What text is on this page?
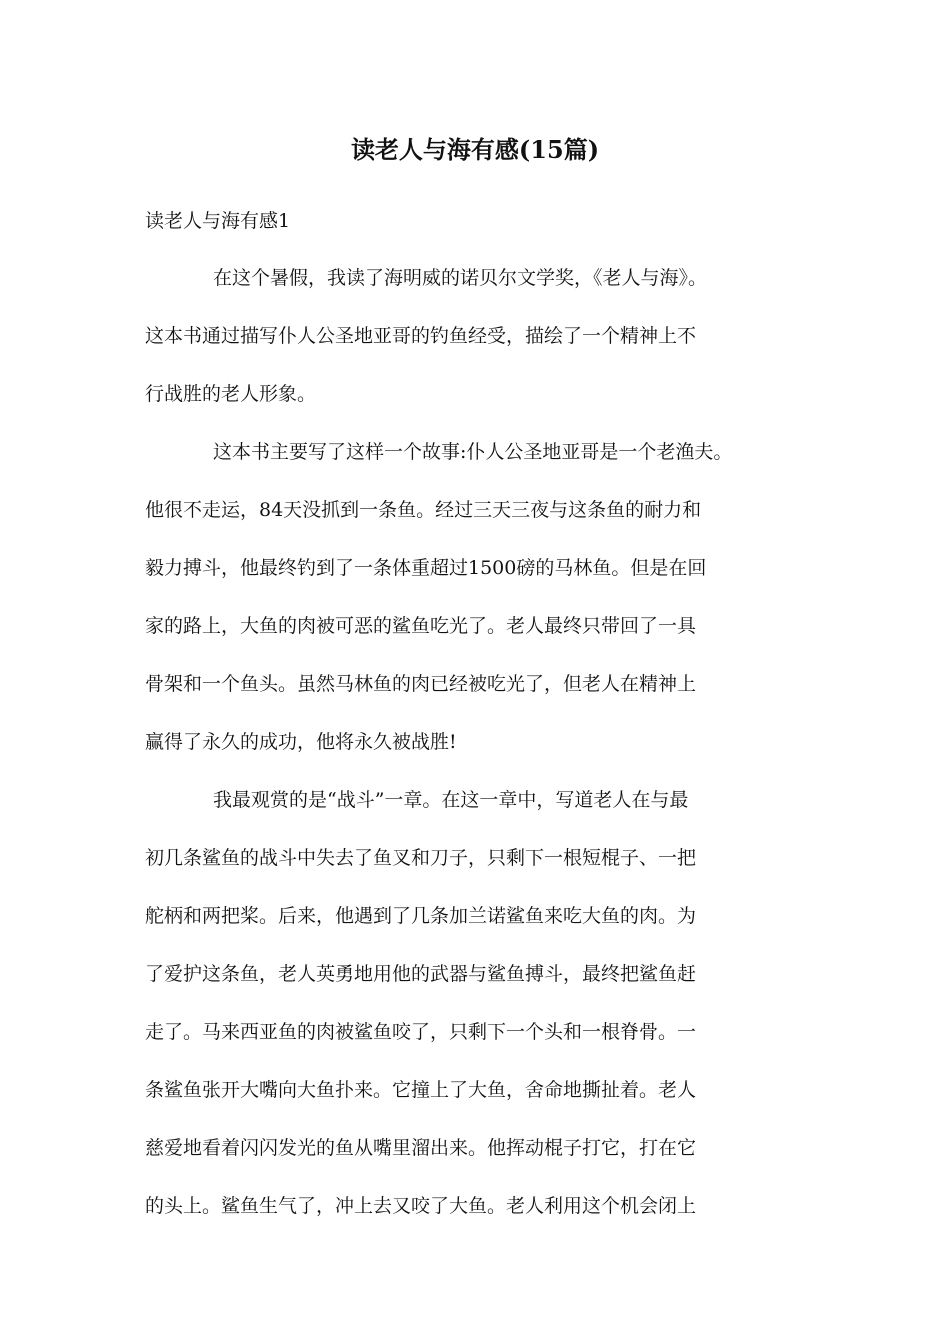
读老人与海有感(15篇)

读老人与海有感1

在这个暑假，我读了海明威的诺贝尔文学奖，《老人与海》。
这本书通过描写仆人公圣地亚哥的钓鱼经受，描绘了一个精神上不
行战胜的老人形象。
这本书主要写了这样一个故事:仆人公圣地亚哥是一个老渔夫。
他很不走运，84天没抓到一条鱼。经过三天三夜与这条鱼的耐力和
毅力搏斗，他最终钓到了一条体重超过1500磅的马林鱼。但是在回
家的路上，大鱼的肉被可恶的鲨鱼吃光了。老人最终只带回了一具
骨架和一个鱼头。虽然马林鱼的肉已经被吃光了，但老人在精神上
赢得了永久的成功，他将永久被战胜!
我最观赏的是“战斗”一章。在这一章中，写道老人在与最
初几条鲨鱼的战斗中失去了鱼叉和刀子，只剩下一根短棍子、一把
舵柄和两把桨。后来，他遇到了几条加兰诺鲨鱼来吃大鱼的肉。为
了爱护这条鱼，老人英勇地用他的武器与鲨鱼搏斗，最终把鲨鱼赶
走了。马来西亚鱼的肉被鲨鱼咬了，只剩下一个头和一根脊骨。一
条鲨鱼张开大嘴向大鱼扑来。它撞上了大鱼，舍命地撕扯着。老人
慈爱地看着闪闪发光的鱼从嘴里溜出来。他挥动棍子打它，打在它
的头上。鲨鱼生气了，冲上去又咬了大鱼。老人利用这个机会闭上
